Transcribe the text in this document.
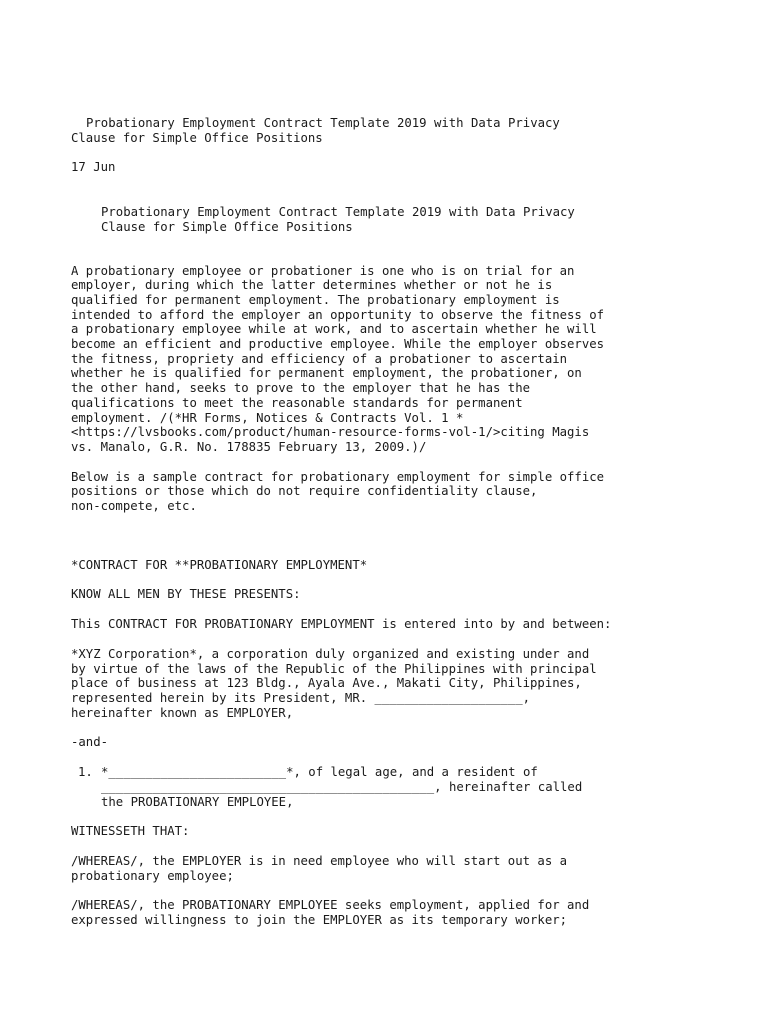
Probationary Employment Contract Template 2019 with Data Privacy
Clause for Simple Office Positions
17 Jun
Probationary Employment Contract Template 2019 with Data Privacy
Clause for Simple Office Positions
A probationary employee or probationer is one who is on trial for an
employer, during which the latter determines whether or not he is
qualified for permanent employment. The probationary employment is
intended to afford the employer an opportunity to observe the fitness of
a probationary employee while at work, and to ascertain whether he will
become an efficient and productive employee. While the employer observes
the fitness, propriety and efficiency of a probationer to ascertain
whether he is qualified for permanent employment, the probationer, on
the other hand, seeks to prove to the employer that he has the
qualifications to meet the reasonable standards for permanent
employment. /(*HR Forms, Notices & Contracts Vol. 1 *
<https://lvsbooks.com/product/human-resource-forms-vol-1/>citing Magis
vs. Manalo, G.R. No. 178835 February 13, 2009.)/
Below is a sample contract for probationary employment for simple office
positions or those which do not require confidentiality clause,
non-compete, etc.
*CONTRACT FOR **PROBATIONARY EMPLOYMENT*
KNOW ALL MEN BY THESE PRESENTS:
This CONTRACT FOR PROBATIONARY EMPLOYMENT is entered into by and between:
*XYZ Corporation*, a corporation duly organized and existing under and
by virtue of the laws of the Republic of the Philippines with principal
place of business at 123 Bldg., Ayala Ave., Makati City, Philippines,
represented herein by its President, MR. ____________________,
hereinafter known as EMPLOYER,
-and-
1. *________________________*, of legal age, and a resident of
_____________________________________________, hereinafter called
the PROBATIONARY EMPLOYEE,
WITNESSETH THAT:
/WHEREAS/, the EMPLOYER is in need employee who will start out as a
probationary employee;
/WHEREAS/, the PROBATIONARY EMPLOYEE seeks employment, applied for and
expressed willingness to join the EMPLOYER as its temporary worker;
